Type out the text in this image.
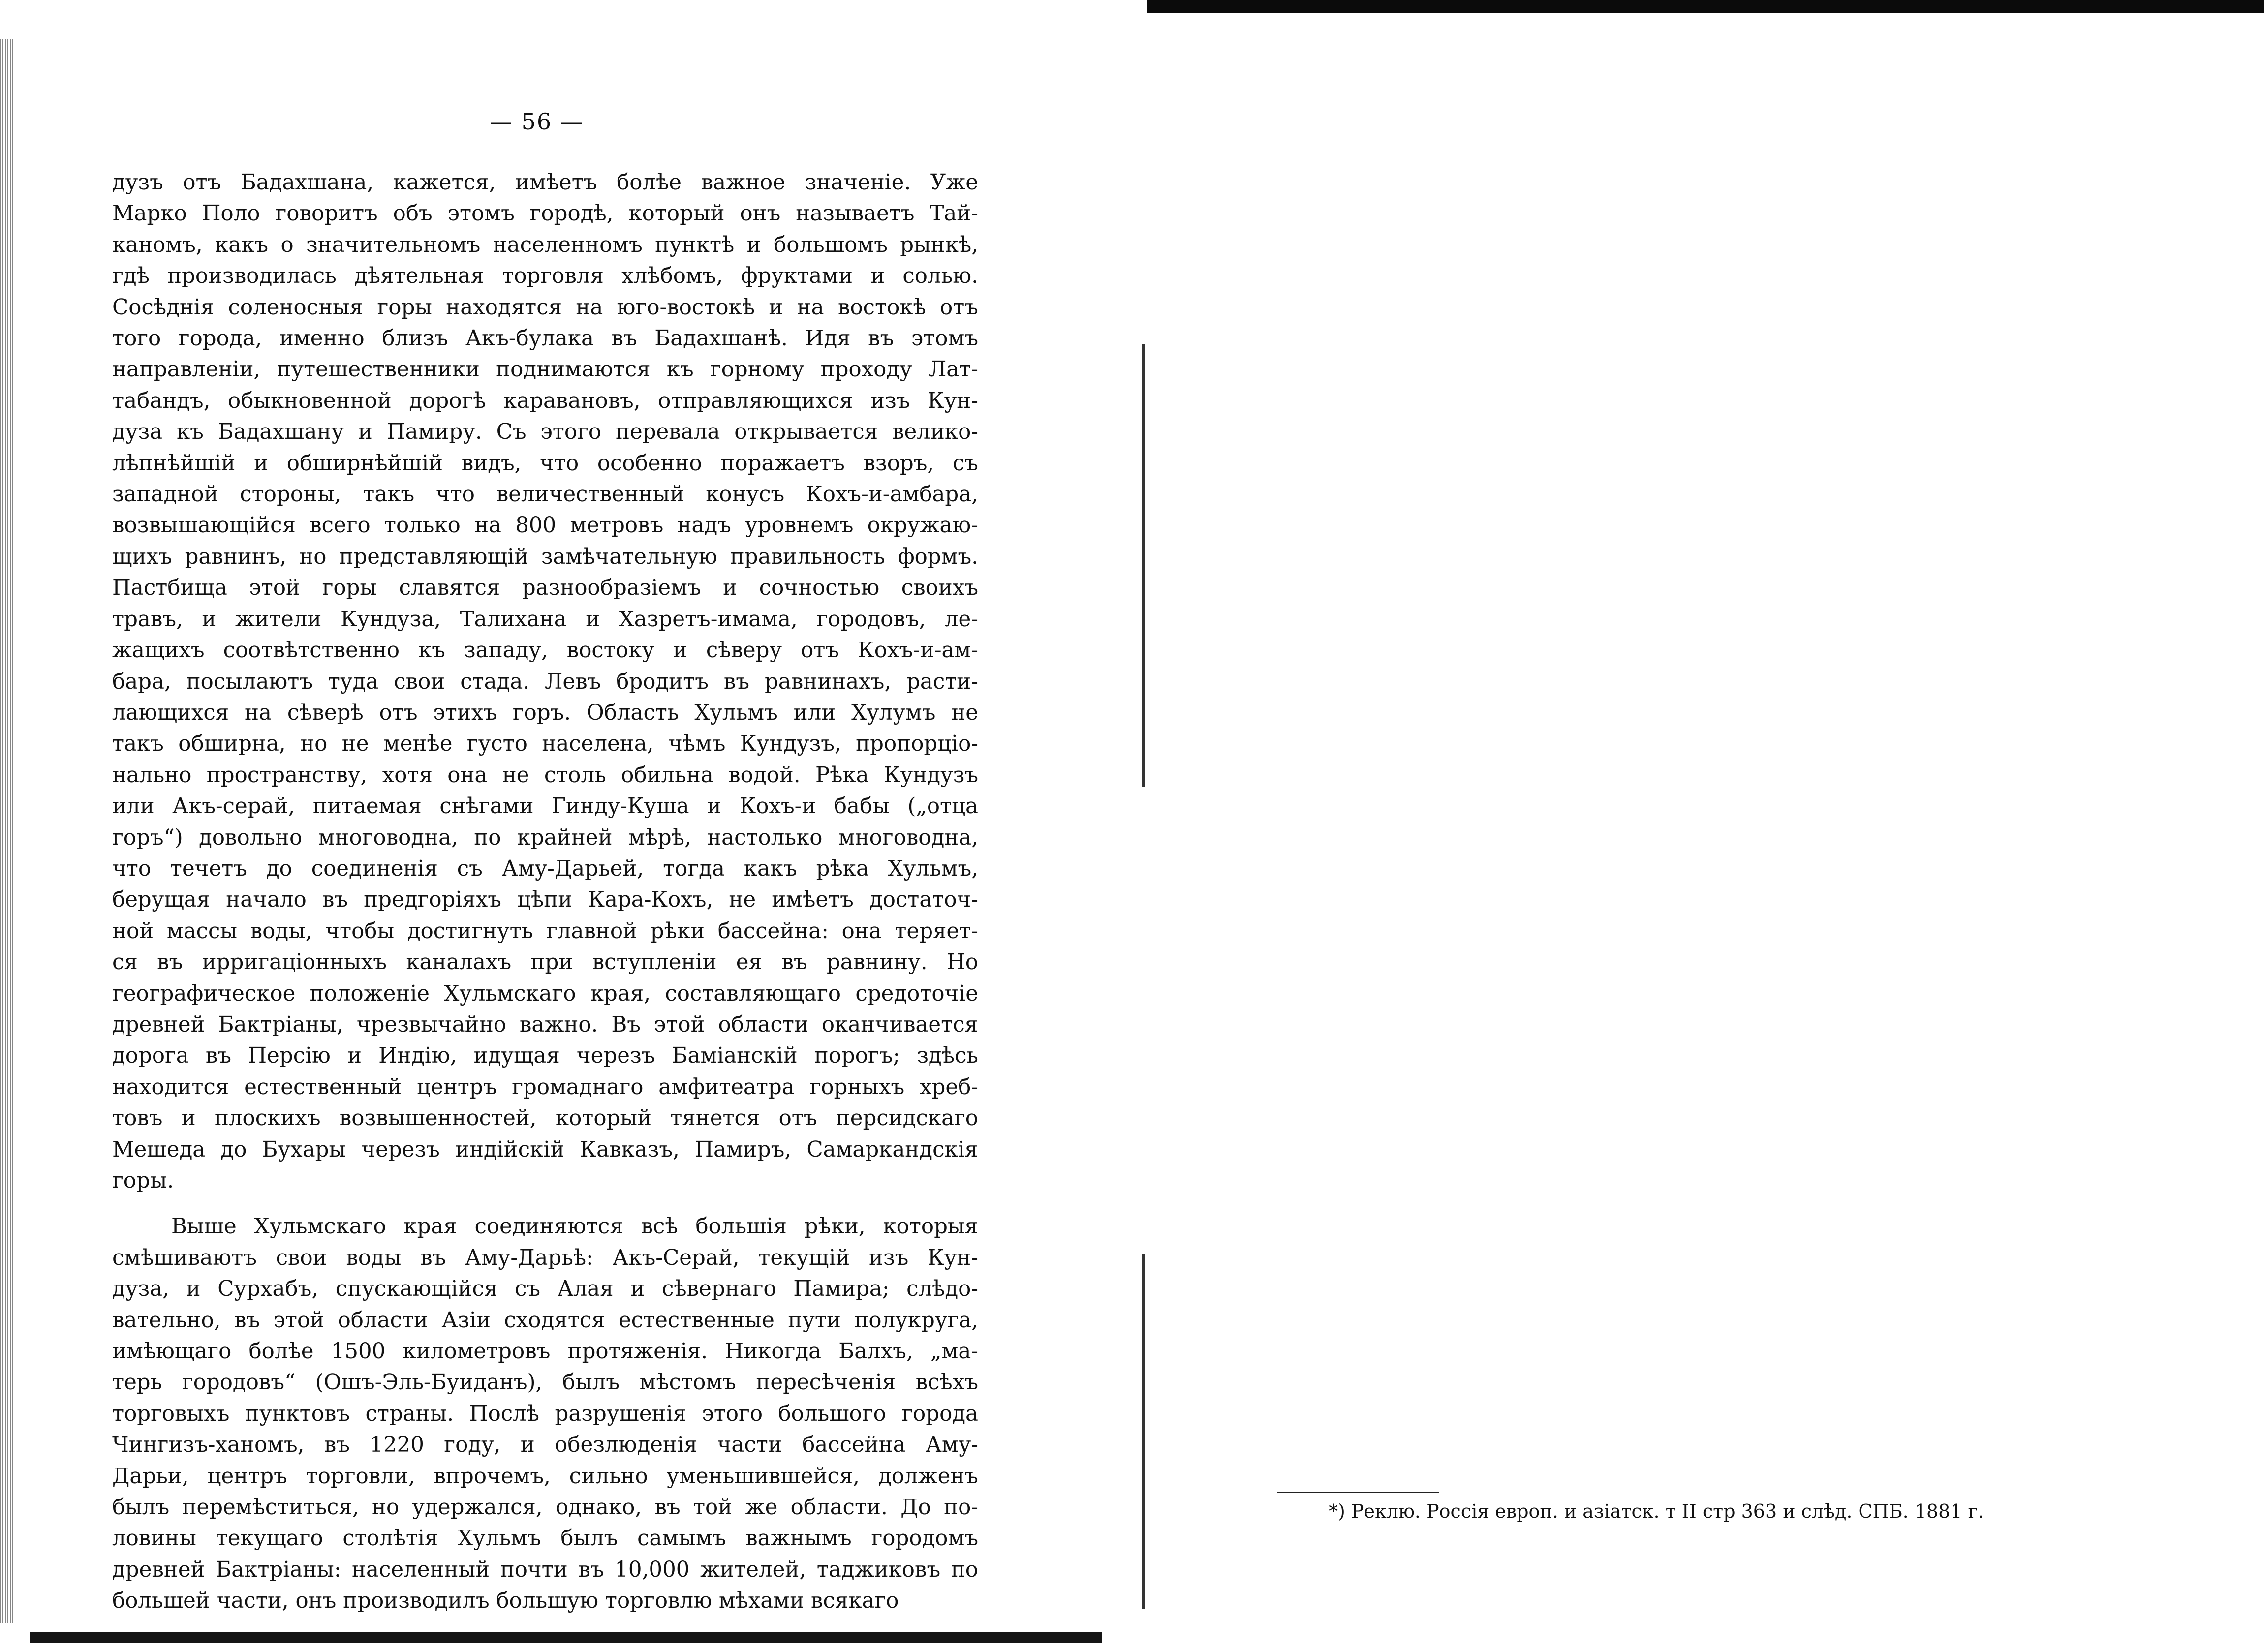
— 56 —
дузъ отъ Бадахшана, кажется, имѣетъ болѣе важное значеніе. Уже
Марко Поло говоритъ объ этомъ городѣ, который онъ называетъ Тай-
каномъ, какъ о значительномъ населенномъ пунктѣ и большомъ рынкѣ,
гдѣ производилась дѣятельная торговля хлѣбомъ, фруктами и солью.
Сосѣднія соленосныя горы находятся на юго-востокѣ и на востокѣ отъ
того города, именно близъ Акъ-булака въ Бадахшанѣ. Идя въ этомъ
направленіи, путешественники поднимаются къ горному проходу Лат-
табандъ, обыкновенной дорогѣ каравановъ, отправляющихся изъ Кун-
дуза къ Бадахшану и Памиру. Съ этого перевала открывается велико-
лѣпнѣйшій и обширнѣйшій видъ, что особенно поражаетъ взоръ, съ
западной стороны, такъ что величественный конусъ Кохъ-и-амбара,
возвышающійся всего только на 800 метровъ надъ уровнемъ окружаю-
щихъ равнинъ, но представляющій замѣчательную правильность формъ.
Пастбища этой горы славятся разнообразіемъ и сочностью своихъ
травъ, и жители Кундуза, Талихана и Хазретъ-имама, городовъ, ле-
жащихъ соотвѣтственно къ западу, востоку и сѣверу отъ Кохъ-и-ам-
бара, посылаютъ туда свои стада. Левъ бродитъ въ равнинахъ, расти-
лающихся на сѣверѣ отъ этихъ горъ. Область Хульмъ или Хулумъ не
такъ обширна, но не менѣе густо населена, чѣмъ Кундузъ, пропорціо-
нально пространству, хотя она не столь обильна водой. Рѣка Кундузъ
или Акъ-серай, питаемая снѣгами Гинду-Куша и Кохъ-и бабы („отца
горъ“) довольно многоводна, по крайней мѣрѣ, настолько многоводна,
что течетъ до соединенія съ Аму-Дарьей, тогда какъ рѣка Хульмъ,
берущая начало въ предгоріяхъ цѣпи Кара-Кохъ, не имѣетъ достаточ-
ной массы воды, чтобы достигнуть главной рѣки бассейна: она теряет-
ся въ ирригаціонныхъ каналахъ при вступленіи ея въ равнину. Но
географическое положеніе Хульмскаго края, составляющаго средоточіе
древней Бактріаны, чрезвычайно важно. Въ этой области оканчивается
дорога въ Персію и Индію, идущая черезъ Баміанскій порогъ; здѣсь
находится естественный центръ громаднаго амфитеатра горныхъ хреб-
товъ и плоскихъ возвышенностей, который тянется отъ персидскаго
Мешеда до Бухары черезъ индійскій Кавказъ, Памиръ, Самаркандскія
горы.
Выше Хульмскаго края соединяются всѣ большія рѣки, которыя
смѣшиваютъ свои воды въ Аму-Дарьѣ: Акъ-Серай, текущій изъ Кун-
дуза, и Сурхабъ, спускающійся съ Алая и сѣвернаго Памира; слѣдо-
вательно, въ этой области Азіи сходятся естественные пути полукруга,
имѣющаго болѣе 1500 километровъ протяженія. Никогда Балхъ, „ма-
терь городовъ“ (Ошъ-Эль-Буиданъ), былъ мѣстомъ пересѣченія всѣхъ
торговыхъ пунктовъ страны. Послѣ разрушенія этого большого города
Чингизъ-ханомъ, въ 1220 году, и обезлюденія части бассейна Аму-
Дарьи, центръ торговли, впрочемъ, сильно уменьшившейся, долженъ
былъ перемѣститься, но удержался, однако, въ той же области. До по-
ловины текущаго столѣтія Хульмъ былъ самымъ важнымъ городомъ
древней Бактріаны: населенный почти въ 10,000 жителей, таджиковъ по
большей части, онъ производилъ большую торговлю мѣхами всякаго
*) Реклю. Россія европ. и азіатск. т II стр 363 и слѣд. СПБ. 1881 г.
